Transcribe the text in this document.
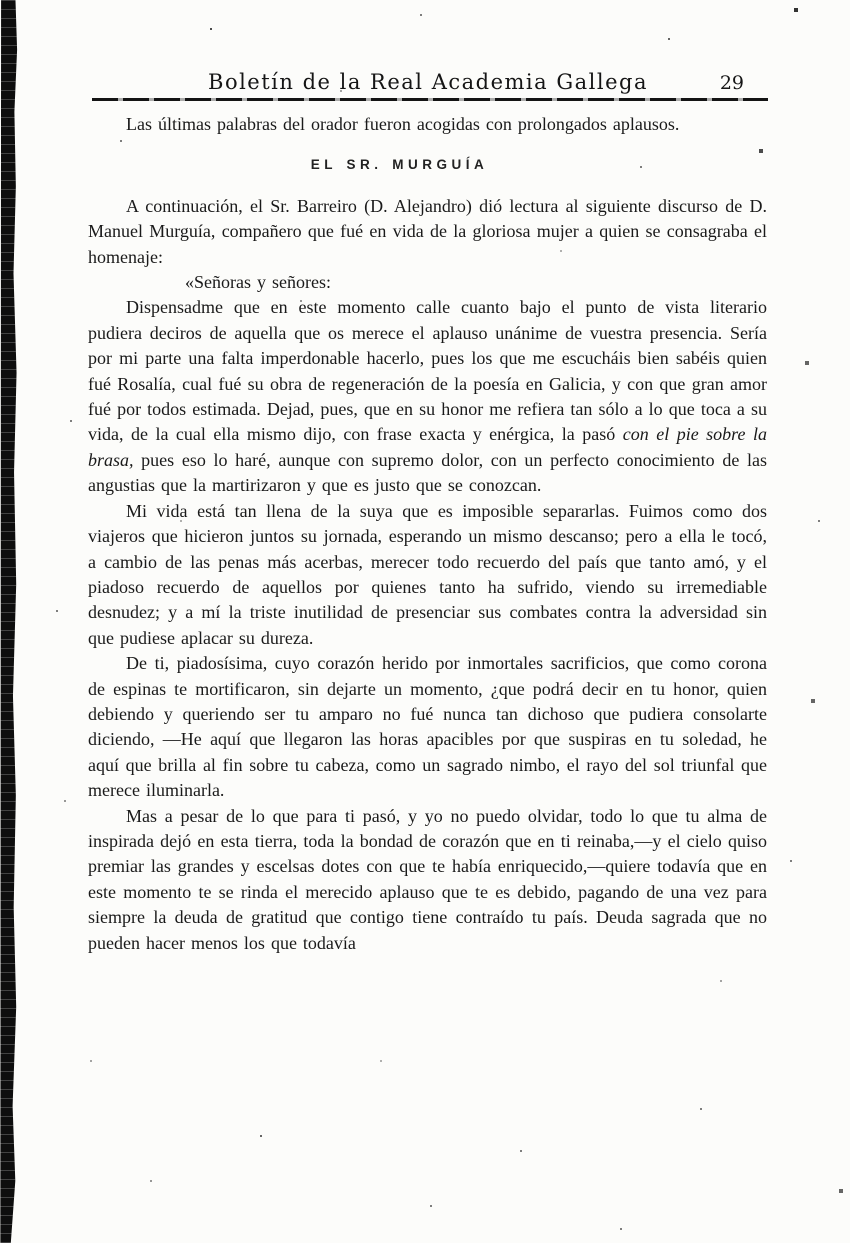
Boletín de la Real Academia Gallega	29

Las últimas palabras del orador fueron acogidas con prolongados aplausos.

EL SR. MURGUÍA

A continuación, el Sr. Barreiro (D. Alejandro) dió lectura al siguiente discurso de D. Manuel Murguía, compañero que fué en vida de la gloriosa mujer a quien se consagraba el homenaje:

«Señoras y señores:

Dispensadme que en este momento calle cuanto bajo el punto de vista literario pudiera deciros de aquella que os merece el aplauso unánime de vuestra presencia. Sería por mi parte una falta imperdonable hacerlo, pues los que me escucháis bien sabéis quien fué Rosalía, cual fué su obra de regeneración de la poesía en Galicia, y con que gran amor fué por todos estimada. Dejad, pues, que en su honor me refiera tan sólo a lo que toca a su vida, de la cual ella mismo dijo, con frase exacta y enérgica, la pasó con el pie sobre la brasa, pues eso lo haré, aunque con supremo dolor, con un perfecto conocimiento de las angustias que la martirizaron y que es justo que se conozcan.

Mi vida está tan llena de la suya que es imposible separarlas. Fuimos como dos viajeros que hicieron juntos su jornada, esperando un mismo descanso; pero a ella le tocó, a cambio de las penas más acerbas, merecer todo recuerdo del país que tanto amó, y el piadoso recuerdo de aquellos por quienes tanto ha sufrido, viendo su irremediable desnudez; y a mí la triste inutilidad de presenciar sus combates contra la adversidad sin que pudiese aplacar su dureza.

De ti, piadosísima, cuyo corazón herido por inmortales sacrificios, que como corona de espinas te mortificaron, sin dejarte un momento, ¿que podrá decir en tu honor, quien debiendo y queriendo ser tu amparo no fué nunca tan dichoso que pudiera consolarte diciendo, —He aquí que llegaron las horas apacibles por que suspiras en tu soledad, he aquí que brilla al fin sobre tu cabeza, como un sagrado nimbo, el rayo del sol triunfal que merece iluminarla.

Mas a pesar de lo que para ti pasó, y yo no puedo olvidar, todo lo que tu alma de inspirada dejó en esta tierra, toda la bondad de corazón que en ti reinaba,—y el cielo quiso premiar las grandes y escelsas dotes con que te había enriquecido,—quiere todavía que en este momento te se rinda el merecido aplauso que te es debido, pagando de una vez para siempre la deuda de gratitud que contigo tiene contraído tu país. Deuda sagrada que no pueden hacer menos los que todavía
